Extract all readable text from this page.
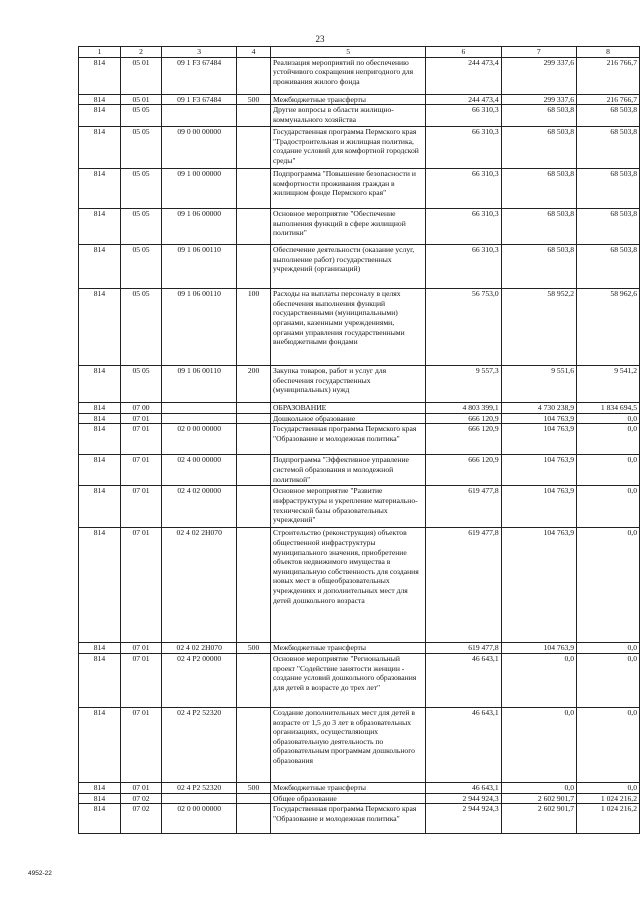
23
1	2	3	4	5	6	7	8
814	05 01	09 1 F3 67484		Реализация мероприятий по обеспечению устойчивого сокращения непригодного для проживания жилого фонда	244 473,4	299 337,6	216 766,7
814	05 01	09 1 F3 67484	500	Межбюджетные трансферты	244 473,4	299 337,6	216 766,7
814	05 05			Другие вопросы в области жилищно-коммунального хозяйства	66 310,3	68 503,8	68 503,8
814	05 05	09 0 00 00000		Государственная программа Пермского края "Градостроительная и жилищная политика, создание условий для комфортной городской среды"	66 310,3	68 503,8	68 503,8
814	05 05	09 1 00 00000		Подпрограмма "Повышение безопасности и комфортности проживания граждан в жилищном фонде Пермского края"	66 310,3	68 503,8	68 503,8
814	05 05	09 1 06 00000		Основное мероприятие "Обеспечение выполнения функций в сфере жилищной политики"	66 310,3	68 503,8	68 503,8
814	05 05	09 1 06 00110		Обеспечение деятельности (оказание услуг, выполнение работ) государственных учреждений (организаций)	66 310,3	68 503,8	68 503,8
814	05 05	09 1 06 00110	100	Расходы на выплаты персоналу в целях обеспечения выполнения функций государственными (муниципальными) органами, казенными учреждениями, органами управления государственными внебюджетными фондами	56 753,0	58 952,2	58 962,6
814	05 05	09 1 06 00110	200	Закупка товаров, работ и услуг для обеспечения государственных (муниципальных) нужд	9 557,3	9 551,6	9 541,2
814	07 00			ОБРАЗОВАНИЕ	4 803 399,1	4 730 238,9	1 834 694,5
814	07 01			Дошкольное образование	666 120,9	104 763,9	0,0
814	07 01	02 0 00 00000		Государственная программа Пермского края "Образование и молодежная политика"	666 120,9	104 763,9	0,0
814	07 01	02 4 00 00000		Подпрограмма "Эффективное управление системой образования и молодежной политикой"	666 120,9	104 763,9	0,0
814	07 01	02 4 02 00000		Основное мероприятие "Развитие инфраструктуры и укрепление материально-технической базы образовательных учреждений"	619 477,8	104 763,9	0,0
814	07 01	02 4 02 2Н070		Строительство (реконструкция) объектов общественной инфраструктуры муниципального значения, приобретение объектов недвижимого имущества в муниципальную собственность для создания новых мест в общеобразовательных учреждениях и дополнительных мест для детей дошкольного возраста	619 477,8	104 763,9	0,0
814	07 01	02 4 02 2Н070	500	Межбюджетные трансферты	619 477,8	104 763,9	0,0
814	07 01	02 4 Р2 00000		Основное мероприятие "Региональный проект "Содействие занятости женщин - создание условий дошкольного образования для детей в возрасте до трех лет"	46 643,1	0,0	0,0
814	07 01	02 4 Р2 52320		Создание дополнительных мест для детей в возрасте от 1,5 до 3 лет в образовательных организациях, осуществляющих образовательную деятельность по образовательным программам дошкольного образования	46 643,1	0,0	0,0
814	07 01	02 4 Р2 52320	500	Межбюджетные трансферты	46 643,1	0,0	0,0
814	07 02			Общее образование	2 944 924,3	2 602 901,7	1 024 216,2
814	07 02	02 0 00 00000		Государственная программа Пермского края "Образование и молодежная политика"	2 944 924,3	2 602 901,7	1 024 216,2
4952-22
